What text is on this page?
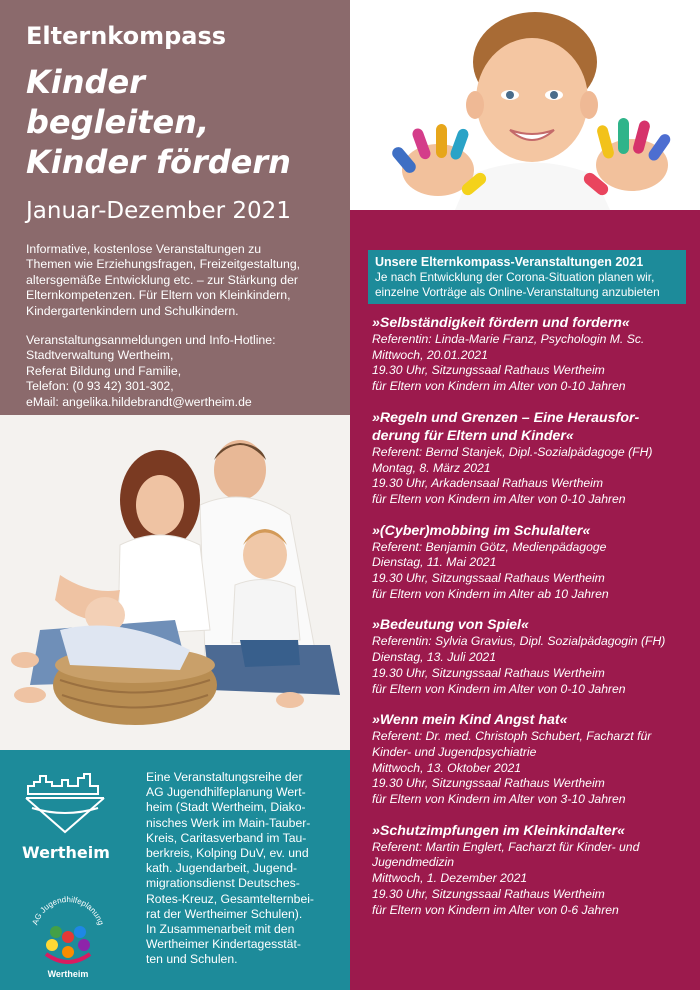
Elternkompass
Kinder begleiten,
Kinder fördern
Januar-Dezember 2021

Informative, kostenlose Veranstaltungen zu
Themen wie Erziehungsfragen, Freizeitgestaltung,
altersgemäße Entwicklung etc. – zur Stärkung der
Elternkompetenzen. Für Eltern von Kleinkindern,
Kindergartenkindern und Schulkindern.

Veranstaltungsanmeldungen und Info-Hotline:
Stadtverwaltung Wertheim,
Referat Bildung und Familie,
Telefon: (0 93 42) 301-302,
eMail: angelika.hildebrandt@wertheim.de

»Selbständigkeit fördern und fordern«
Referentin: Linda-Marie Franz, Psychologin M. Sc.
Mittwoch, 20.01.2021
19.30 Uhr, Sitzungssaal Rathaus Wertheim
für Eltern von Kindern im Alter von 0-10 Jahren
»Regeln und Grenzen – Eine Herausfor-
derung für Eltern und Kinder«
Referent: Bernd Stanjek, Dipl.-Sozialpädagoge (FH)
Montag, 8. März 2021
19.30 Uhr, Arkadensaal Rathaus Wertheim
für Eltern von Kindern im Alter von 0-10 Jahren
»(Cyber)mobbing im Schulalter«
Referent: Benjamin Götz, Medienpädagoge
Dienstag, 11. Mai 2021
19.30 Uhr, Sitzungssaal Rathaus Wertheim
für Eltern von Kindern im Alter ab 10 Jahren
»Bedeutung von Spiel«
Referentin: Sylvia Gravius, Dipl. Sozialpädagogin (FH)
Dienstag, 13. Juli 2021
19.30 Uhr, Sitzungssaal Rathaus Wertheim
für Eltern von Kindern im Alter von 0-10 Jahren
»Wenn mein Kind Angst hat«
Referent: Dr. med. Christoph Schubert, Facharzt für
Kinder- und Jugendpsychiatrie
Mittwoch, 13. Oktober 2021
19.30 Uhr, Sitzungssaal Rathaus Wertheim
für Eltern von Kindern im Alter von 3-10 Jahren
»Schutzimpfungen im Kleinkindalter«
Referent: Martin Englert, Facharzt für Kinder- und
Jugendmedizin
Mittwoch, 1. Dezember 2021
19.30 Uhr, Sitzungssaal Rathaus Wertheim
für Eltern von Kindern im Alter von 0-6 Jahren
Unsere Elternkompass-Veranstaltungen 2021
Je nach Entwicklung der Corona-Situation planen wir,
einzelne Vorträge als Online-Veranstaltung anzubieten
Wertheim
AG Jugendhilfeplanung
Wertheim
Eine Veranstaltungsreihe der
AG Jugendhilfeplanung Wert-
heim (Stadt Wertheim, Diako-
nisches Werk im Main-Tauber-
Kreis, Caritasverband im Tau-
berkreis, Kolping DuV, ev. und
kath. Jugendarbeit, Jugend-
migrationsdienst Deutsches-
Rotes-Kreuz, Gesamtelternbei-
rat der Wertheimer Schulen).
In Zusammenarbeit mit den
Wertheimer Kindertagesstät-
ten und Schulen.
